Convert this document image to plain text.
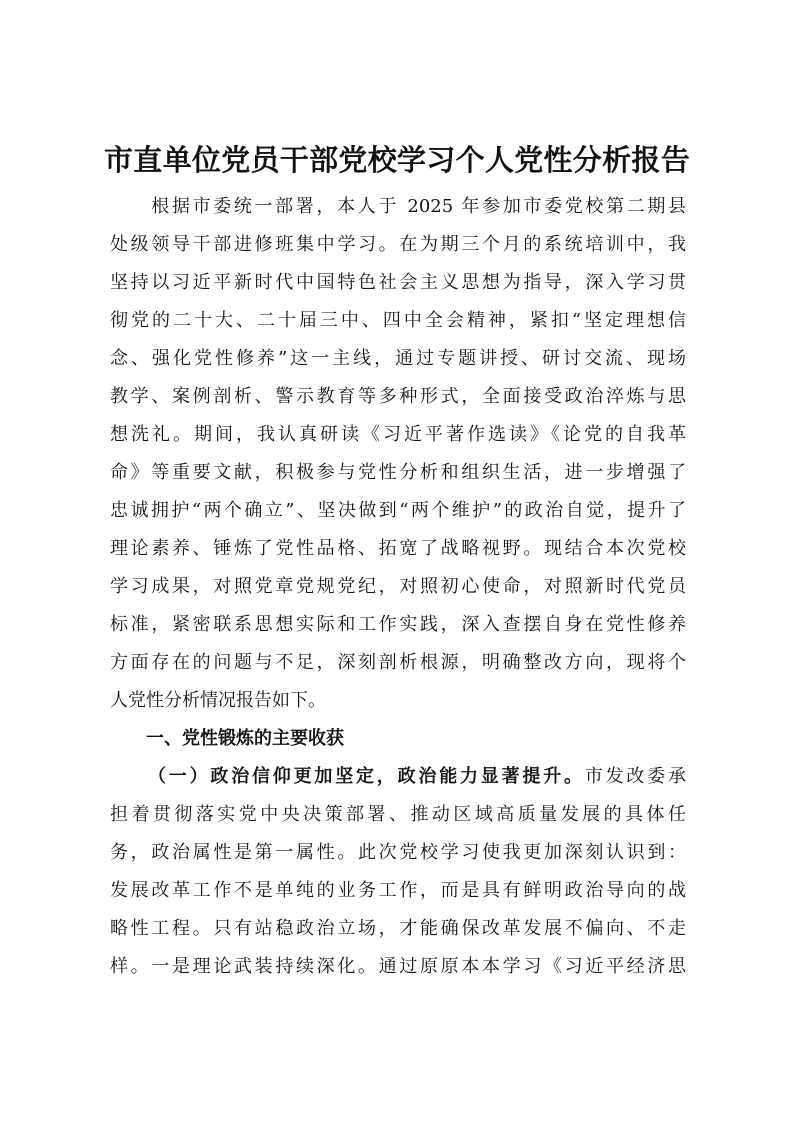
市直单位党员干部党校学习个人党性分析报告
　　根据市委统一部署，本人于 2025 年参加市委党校第二期县
处级领导干部进修班集中学习。在为期三个月的系统培训中，我
坚持以习近平新时代中国特色社会主义思想为指导，深入学习贯
彻党的二十大、二十届三中、四中全会精神，紧扣“坚定理想信
念、强化党性修养”这一主线，通过专题讲授、研讨交流、现场
教学、案例剖析、警示教育等多种形式，全面接受政治淬炼与思
想洗礼。期间，我认真研读《习近平著作选读》《论党的自我革
命》等重要文献，积极参与党性分析和组织生活，进一步增强了
忠诚拥护“两个确立”、坚决做到“两个维护”的政治自觉，提升了
理论素养、锤炼了党性品格、拓宽了战略视野。现结合本次党校
学习成果，对照党章党规党纪，对照初心使命，对照新时代党员
标准，紧密联系思想实际和工作实践，深入查摆自身在党性修养
方面存在的问题与不足，深刻剖析根源，明确整改方向，现将个
人党性分析情况报告如下。
一、党性锻炼的主要收获
（一）政治信仰更加坚定，政治能力显著提升。市发改委承
担着贯彻落实党中央决策部署、推动区域高质量发展的具体任
务，政治属性是第一属性。此次党校学习使我更加深刻认识到：
发展改革工作不是单纯的业务工作，而是具有鲜明政治导向的战
略性工程。只有站稳政治立场，才能确保改革发展不偏向、不走
样。一是理论武装持续深化。通过原原本本学习《习近平经济思
